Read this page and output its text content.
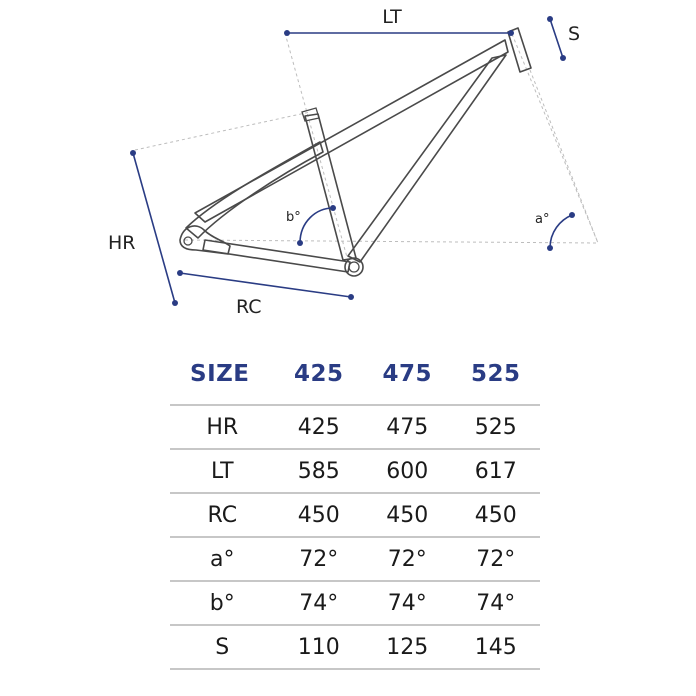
LT
S
HR
RC
b°	a°
SIZE	425	475	525
HR	425	475	525
LT	585	600	617
RC	450	450	450
a°	72°	72°	72°
b°	74°	74°	74°
S	110	125	145
